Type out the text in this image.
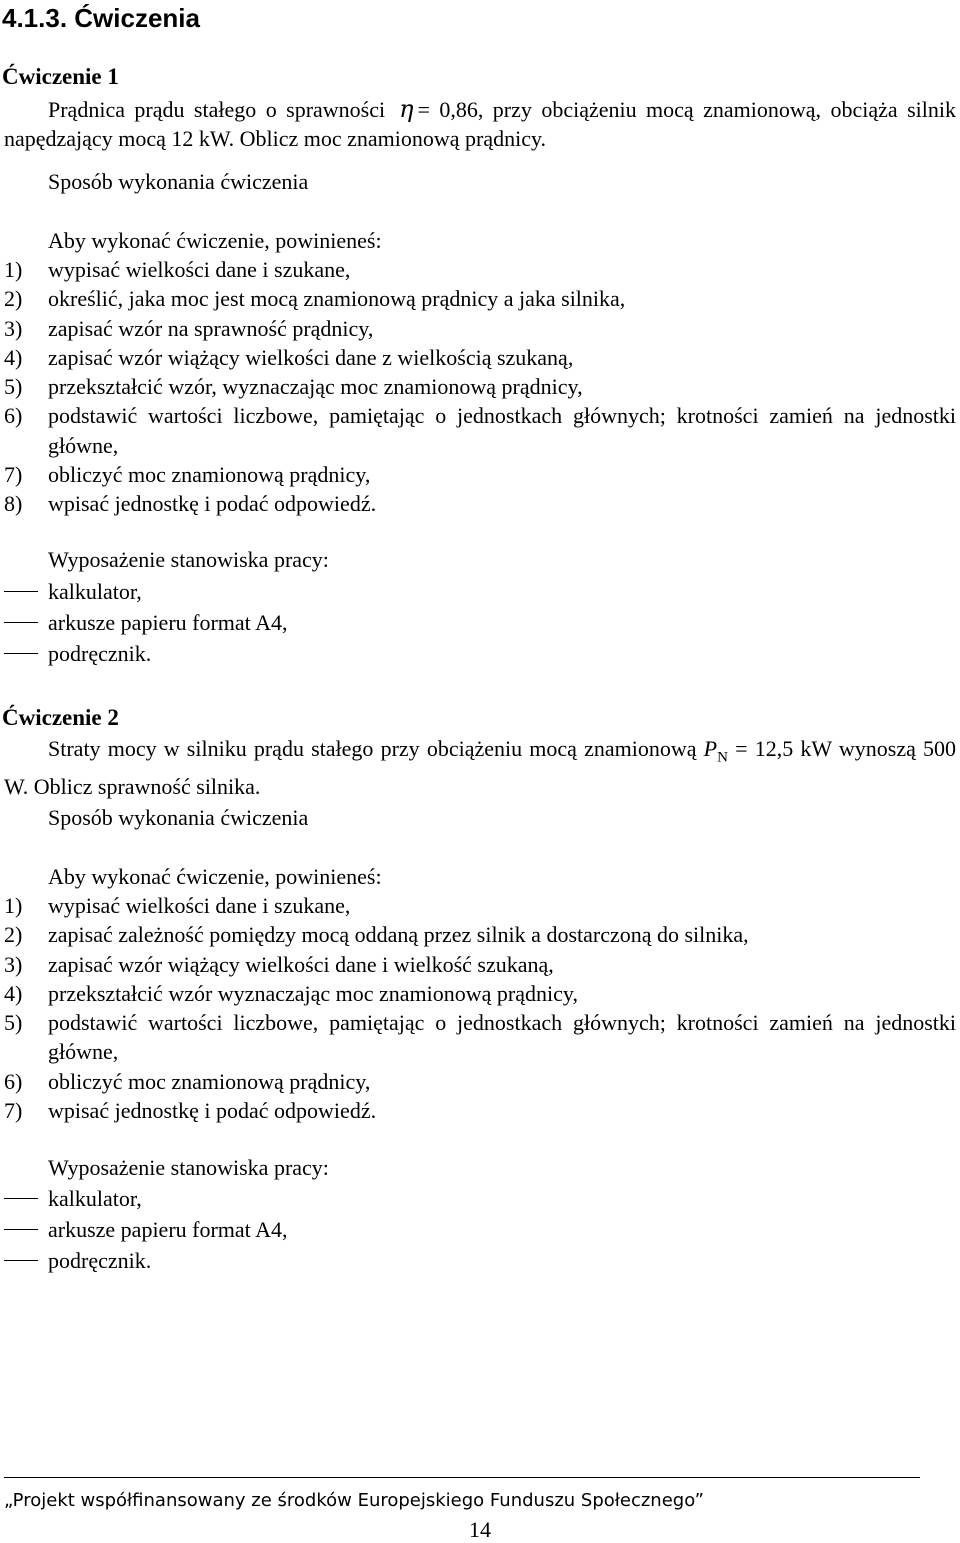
4.1.3. Ćwiczenia
Ćwiczenie 1

Prądnica prądu stałego o sprawności η = 0,86, przy obciążeniu mocą znamionową, obciąża silnik napędzający mocą 12 kW. Oblicz moc znamionową prądnicy.

Sposób wykonania ćwiczenia

Aby wykonać ćwiczenie, powinieneś:

1) wypisać wielkości dane i szukane,
2) określić, jaka moc jest mocą znamionową prądnicy a jaka silnika,
3) zapisać wzór na sprawność prądnicy,
4) zapisać wzór wiążący wielkości dane z wielkością szukaną,
5) przekształcić wzór, wyznaczając moc znamionową prądnicy,
6) podstawić wartości liczbowe, pamiętając o jednostkach głównych; krotności zamień na jednostki główne,
7) obliczyć moc znamionową prądnicy,
8) wpisać jednostkę i podać odpowiedź.

Wyposażenie stanowiska pracy:

kalkulator,
arkusze papieru format A4,
podręcznik.
Ćwiczenie 2

Straty mocy w silniku prądu stałego przy obciążeniu mocą znamionową $P_N = 12,5$ kW wynoszą 500 W. Oblicz sprawność silnika.

Sposób wykonania ćwiczenia

Aby wykonać ćwiczenie, powinieneś:

1) wypisać wielkości dane i szukane,
2) zapisać zależność pomiędzy mocą oddaną przez silnik a dostarczoną do silnika,
3) zapisać wzór wiążący wielkości dane i wielkość szukaną,
4) przekształcić wzór wyznaczając moc znamionową prądnicy,
5) podstawić wartości liczbowe, pamiętając o jednostkach głównych; krotności zamień na jednostki główne,
6) obliczyć moc znamionową prądnicy,
7) wpisać jednostkę i podać odpowiedź.

Wyposażenie stanowiska pracy:

kalkulator,
arkusze papieru format A4,
podręcznik.

„Projekt współfinansowany ze środków Europejskiego Funduszu Społecznego”

14
